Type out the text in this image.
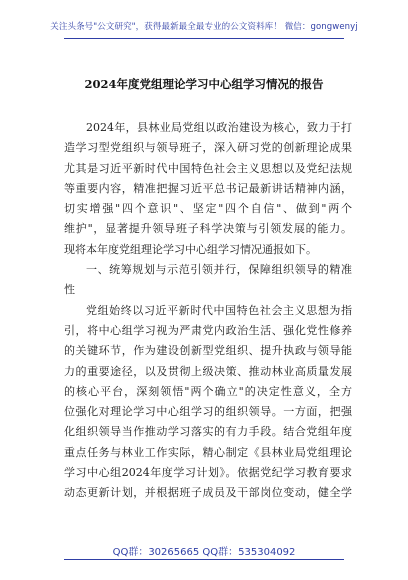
关注头条号"公文研究"，获得最新最全最专业的公文资料库！ 微信：gongwenyj
2024年度党组理论学习中心组学习情况的报告
2024年，县林业局党组以政治建设为核心，致力于打
造学习型党组织与领导班子，深入研习党的创新理论成果
尤其是习近平新时代中国特色社会主义思想以及党纪法规
等重要内容，精准把握习近平总书记最新讲话精神内涵，
切实增强"四个意识"、坚定"四个自信"、做到"两个
维护"，显著提升领导班子科学决策与引领发展的能力。
现将本年度党组理论学习中心组学习情况通报如下。
一、统筹规划与示范引领并行，保障组织领导的精准
性
党组始终以习近平新时代中国特色社会主义思想为指
引，将中心组学习视为严肃党内政治生活、强化党性修养
的关键环节，作为建设创新型党组织、提升执政与领导能
力的重要途径，以及贯彻上级决策、推动林业高质量发展
的核心平台，深刻领悟"两个确立"的决定性意义，全方
位强化对理论学习中心组学习的组织领导。一方面，把强
化组织领导当作推动学习落实的有力手段。结合党组年度
重点任务与林业工作实际，精心制定《县林业局党组理论
学习中心组2024年度学习计划》。依据党纪学习教育要求
动态更新计划，并根据班子成员及干部岗位变动，健全学
QQ群：30265665 QQ群：535304092
